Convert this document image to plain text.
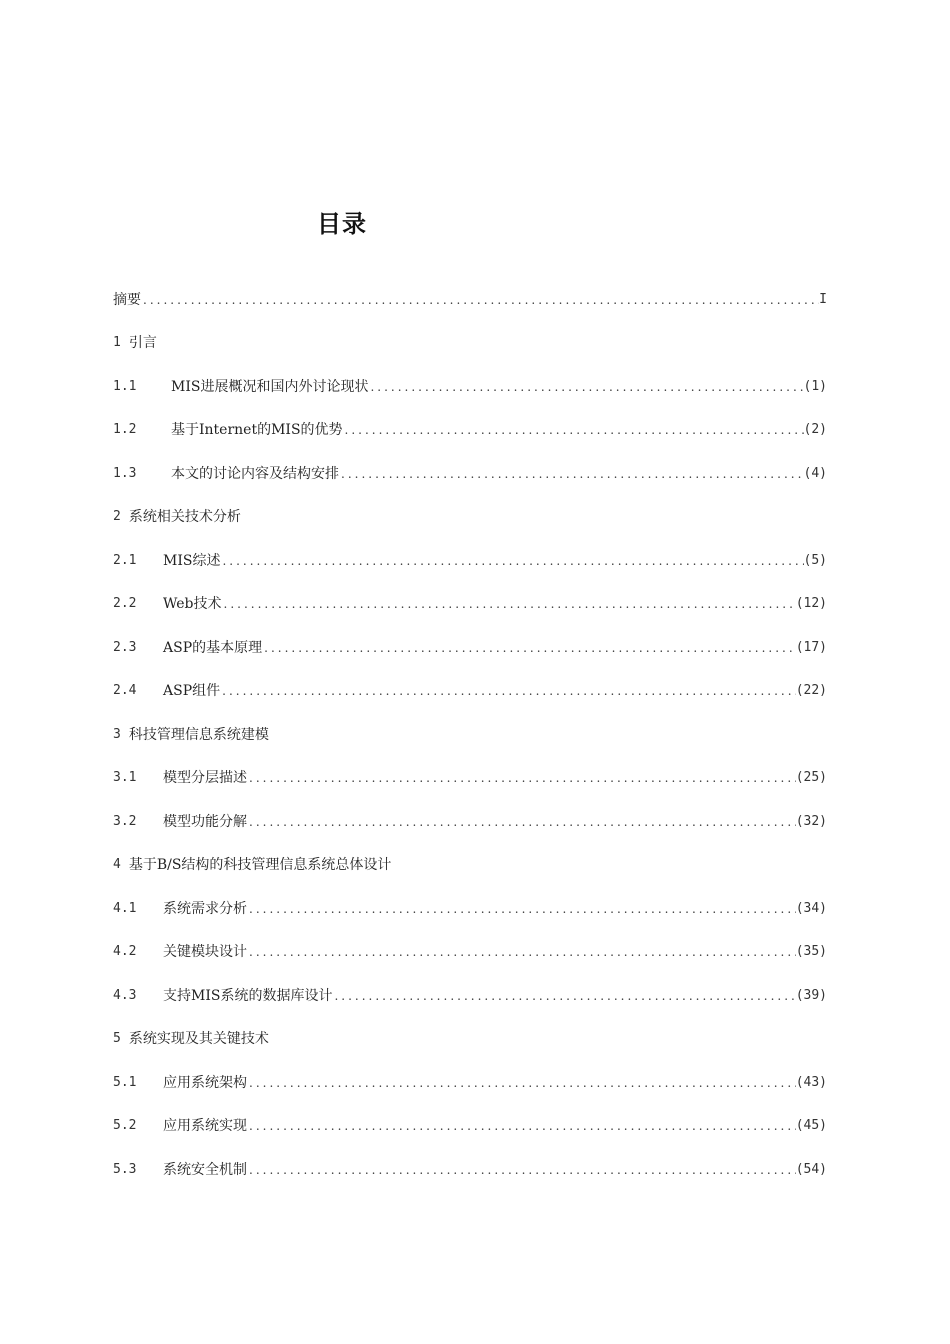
目录
摘要 .....	I
1 引言
1.1	MIS进展概况和国内外讨论现状 .....	(1)
1.2	基于Internet的MIS的优势 .....	(2)
1.3	本文的讨论内容及结构安排 .....	(4)
2 系统相关技术分析
2.1	MIS综述 .....	(5)
2.2	Web技术 .....	(12)
2.3	ASP的基本原理 .....	(17)
2.4	ASP组件 .....	(22)
3 科技管理信息系统建模
3.1	模型分层描述 .....	(25)
3.2	模型功能分解 .....	(32)
4 基于B/S结构的科技管理信息系统总体设计
4.1	系统需求分析 .....	(34)
4.2	关键模块设计 .....	(35)
4.3	支持MIS系统的数据库设计 .....	(39)
5 系统实现及其关键技术
5.1	应用系统架构 .....	(43)
5.2	应用系统实现 .....	(45)
5.3	系统安全机制 .....	(54)
